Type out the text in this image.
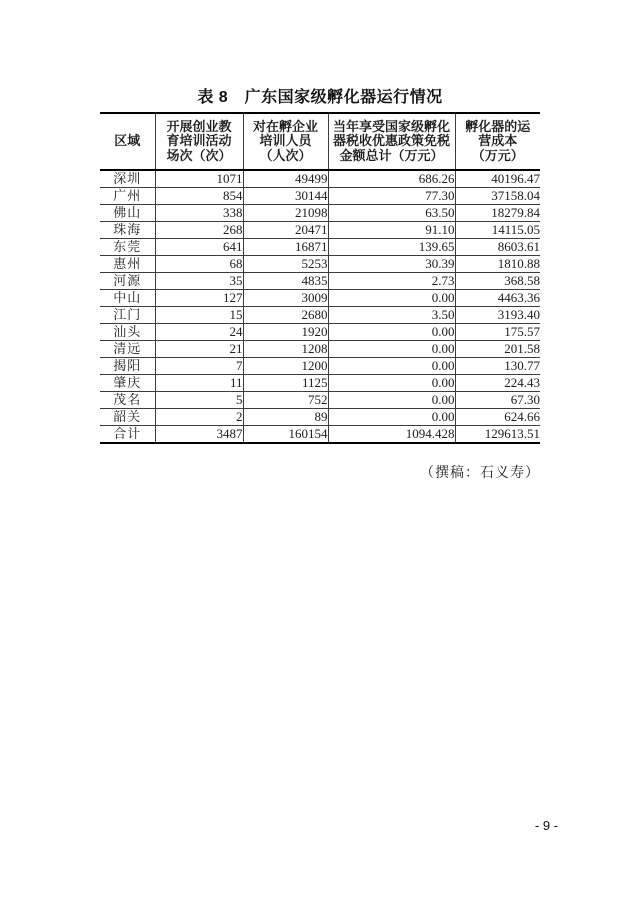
表 8　广东国家级孵化器运行情况
区域

开展创业教
育培训活动
场次（次）

对在孵企业
培训人员
（人次）

当年享受国家级孵化
器税收优惠政策免税
金额总计（万元）

孵化器的运
营成本
（万元）

深圳	1071	49499	686.26	40196.47
广州	854	30144	77.30	37158.04
佛山	338	21098	63.50	18279.84
珠海	268	20471	91.10	14115.05
东莞	641	16871	139.65	8603.61
惠州	68	5253	30.39	1810.88
河源	35	4835	2.73	368.58
中山	127	3009	0.00	4463.36
江门	15	2680	3.50	3193.40
汕头	24	1920	0.00	175.57
清远	21	1208	0.00	201.58
揭阳	7	1200	0.00	130.77
肇庆	11	1125	0.00	224.43
茂名	5	752	0.00	67.30
韶关	2	89	0.00	624.66
合计	3487	160154	1094.428	129613.51
（撰稿：石义寿）
- 9 -
